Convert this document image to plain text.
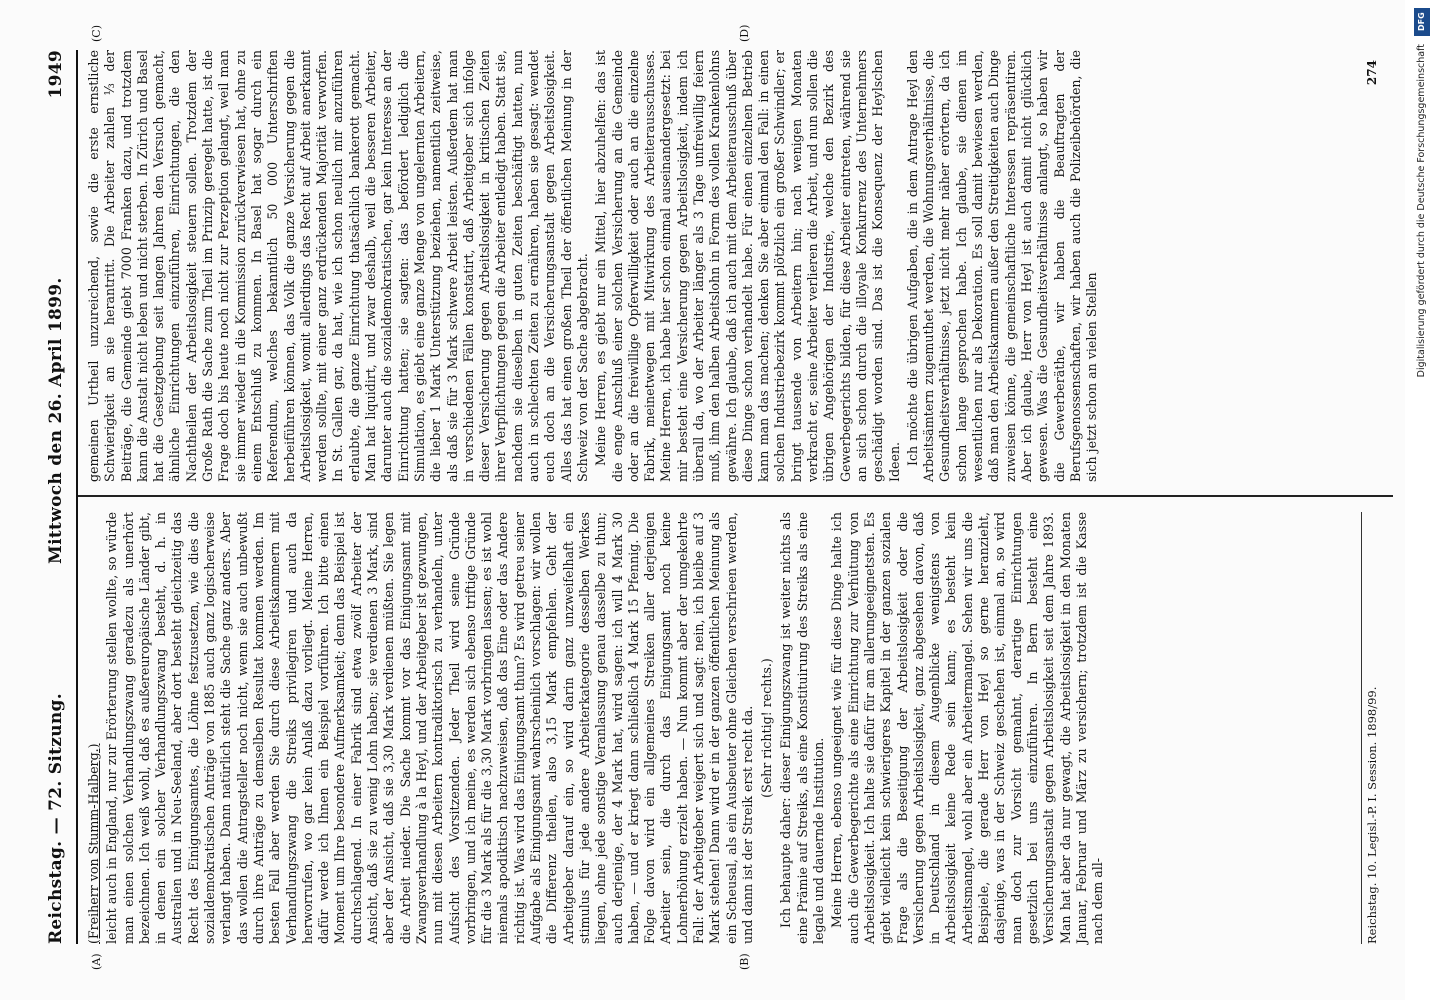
Reichstag. — 72. Sitzung.
Mittwoch den 26. April 1899.
1949
(A)	(B)

(Freiherr von Stumm-Halberg.) leicht auch in England, nur zur Erörterung stellen wollte, so würde man einen solchen Verhandlungszwang geradezu als unerhört bezeichnen. Ich weiß wohl, daß es außereuropäische Länder gibt, in denen ein solcher Verhandlungszwang besteht, d. h. in Australien und in Neu-Seeland, aber dort besteht gleichzeitig das Recht des Einigungsamtes, die Löhne festzusetzen, wie dies die sozialdemokratischen Anträge von 1885 auch ganz logischerweise verlangt haben. Dann natürlich steht die Sache ganz anders. Aber das wollen die Antragsteller noch nicht, wenn sie auch unbewußt durch ihre Anträge zu demselben Resultat kommen werden. Im besten Fall aber werden Sie durch diese Arbeitskammern mit Verhandlungszwang die Streiks privilegiren und auch da herworrufen, wo gar kein Anlaß dazu vorliegt. Meine Herren, dafür werde ich Ihnen ein Beispiel vorführen. Ich bitte einen Moment um Ihre besondere Aufmerksamkeit; denn das Beispiel ist durchschlagend. In einer Fabrik sind etwa zwölf Arbeiter der Ansicht, daß sie zu wenig Lohn haben; sie verdienen 3 Mark, sind aber der Ansicht, daß sie 3,30 Mark verdienen müßten. Sie legen die Arbeit nieder. Die Sache kommt vor das Einigungsamt mit Zwangsverhandlung à la Heyl, und der Arbeitgeber ist gezwungen, nun mit diesen Arbeitern kontradiktorisch zu verhandeln, unter Aufsicht des Vorsitzenden. Jeder Theil wird seine Gründe vorbringen, und ich meine, es werden sich ebenso triftige Gründe für die 3 Mark als für die 3,30 Mark vorbringen lassen; es ist wohl niemals apodiktisch nachzuweisen, daß das Eine oder das Andere richtig ist. Was wird das Einigungsamt thun? Es wird getreu seiner Aufgabe als Einigungsamt wahrscheinlich vorschlagen: wir wollen die Differenz theilen, also 3,15 Mark empfehlen. Geht der Arbeitgeber darauf ein, so wird darin ganz unzweifelhaft ein stimulus für jede andere Arbeiterkategorie desselben Werkes liegen, ohne jede sonstige Veranlassung genau dasselbe zu thun; auch derjenige, der 4 Mark hat, wird sagen: ich will 4 Mark 30 haben, — und er kriegt dann schließlich 4 Mark 15 Pfennig. Die Folge davon wird ein allgemeines Streiken aller derjenigen Arbeiter sein, die durch das Einigungsamt noch keine Lohnerhöhung erzielt haben. — Nun kommt aber der umgekehrte Fall: der Arbeitgeber weigert sich und sagt: nein, ich bleibe auf 3 Mark stehen! Dann wird er in der ganzen öffentlichen Meinung als ein Scheusal, als ein Ausbeuter ohne Gleichen verschrieen werden, und dann ist der Streik erst recht da. (Sehr richtig! rechts.) Ich behaupte daher: dieser Einigungszwang ist weiter nichts als eine Prämie auf Streiks, als eine Konstituirung des Streiks als eine legale und dauernde Institution. Meine Herren, ebenso ungeeignet wie für diese Dinge halte ich auch die Gewerbegerichte als eine Einrichtung zur Verhütung von Arbeitslosigkeit. Ich halte sie dafür für am allerungeeignetsten. Es giebt vielleicht kein schwierigeres Kapitel in der ganzen sozialen Frage als die Beseitigung der Arbeitslosigkeit oder die Versicherung gegen Arbeitslosigkeit, ganz abgesehen davon, daß in Deutschland in diesem Augenblicke wenigstens von Arbeitslosigkeit keine Rede sein kann; es besteht kein Arbeitsmangel, wohl aber ein Arbeitermangel. Sehen wir uns die Beispiele, die gerade Herr von Heyl so gerne heranzieht, dasjenige, was in der Schweiz geschehen ist, einmal an, so wird man doch zur Vorsicht gemahnt, derartige Einrichtungen gesetzlich bei uns einzuführen. In Bern besteht eine Versicherungsanstalt gegen Arbeitslosigkeit seit dem Jahre 1893. Man hat aber da nur gewagt, die Arbeitslosigkeit in den Monaten Januar, Februar und März zu versichern; trotzdem ist die Kasse nach dem all-	Reichstag. 10. Legisl.-P. I. Session. 1898/99.

gemeinen Urtheil unzureichend, sowie die erste ernstliche Schwierigkeit an sie herantritt. Die Arbeiter zahlen ⅓ der Beiträge, die Gemeinde giebt 7000 Franken dazu, und trotzdem kann die Anstalt nicht leben und nicht sterben. In Zürich und Basel hat die Gesetzgebung seit langen Jahren den Versuch gemacht, ähnliche Einrichtungen einzuführen, Einrichtungen, die den Nachtheilen der Arbeitslosigkeit steuern sollen. Trotzdem der Große Rath die Sache zum Theil im Prinzip geregelt hatte, ist die Frage doch bis heute noch nicht zur Perzeption gelangt, weil man sie immer wieder in die Kommission zurückverwiesen hat, ohne zu einem Entschluß zu kommen. In Basel hat sogar durch ein Referendum, welches bekanntlich 50 000 Unterschriften herbeiführen können, das Volk die ganze Versicherung gegen die Arbeitslosigkeit, womit allerdings das Recht auf Arbeit anerkannt werden sollte, mit einer ganz erdrückenden Majorität verworfen. In St. Gallen gar, da hat, wie ich schon neulich mir anzuführen erlaubte, die ganze Einrichtung thatsächlich bankerott gemacht. Man hat liquidirt, und zwar deshalb, weil die besseren Arbeiter, darunter auch die sozialdemokratischen, gar kein Interesse an der Einrichtung hatten; sie sagten: das befördert lediglich die Simulation, es giebt eine ganze Menge von ungelernten Arbeitern, die lieber 1 Mark Unterstützung beziehen, namentlich zeitweise, als daß sie für 3 Mark schwere Arbeit leisten. Außerdem hat man in verschiedenen Fällen konstatirt, daß Arbeitgeber sich infolge dieser Versicherung gegen Arbeitslosigkeit in kritischen Zeiten ihrer Verpflichtungen gegen die Arbeiter entledigt haben. Statt sie, nachdem sie dieselben in guten Zeiten beschäftigt hatten, nun auch in schlechten Zeiten zu ernähren, haben sie gesagt: wendet euch doch an die Versicherungsanstalt gegen Arbeitslosigkeit. Alles das hat einen großen Theil der öffentlichen Meinung in der Schweiz von der Sache abgebracht. Meine Herren, es giebt nur ein Mittel, hier abzuhelfen: das ist die enge Anschluß einer solchen Versicherung an die Gemeinde oder an die freiwillige Opferwilligkeit oder auch an die einzelne Fabrik, meinetwegen mit Mitwirkung des Arbeiterausschusses. Meine Herren, ich habe hier schon einmal auseinandergesetzt: bei mir besteht eine Versicherung gegen Arbeitslosigkeit, indem ich überall da, wo der Arbeiter länger als 3 Tage unfreiwillig feiern muß, ihm den halben Arbeitslohn in Form des vollen Krankenlohns gewähre. Ich glaube, daß ich auch mit dem Arbeiterausschuß über diese Dinge schon verhandelt habe. Für einen einzelnen Betrieb kann man das machen; denken Sie aber einmal den Fall: in einen solchen Industriebezirk kommt plötzlich ein großer Schwindler; er bringt tausende von Arbeitern hin; nach wenigen Monaten verkracht er, seine Arbeiter verlieren die Arbeit, und nun sollen die übrigen Angehörigen der Industrie, welche den Bezirk des Gewerbegerichts bilden, für diese Arbeiter eintreten, während sie an sich schon durch die illoyale Konkurrenz des Unternehmers geschädigt worden sind. Das ist die Konsequenz der Heylschen Ideen. Ich möchte die übrigen Aufgaben, die in dem Antrage Heyl den Arbeitsämtern zugemuthet werden, die Wohnungsverhältnisse, die Gesundheitsverhältnisse, jetzt nicht mehr näher erörtern, da ich schon lange gesprochen habe. Ich glaube, sie dienen im wesentlichen nur als Dekoration. Es soll damit bewiesen werden, daß man den Arbeitskammern außer den Streitigkeiten auch Dinge zuweisen könne, die gemeinschaftliche Interessen repräsentiren. Aber ich glaube, Herr von Heyl ist auch damit nicht glücklich gewesen. Was die Gesundheitsverhältnisse anlangt, so haben wir die Gewerberäthe, wir haben die Beauftragten der Berufsgenossenschaften, wir haben auch die Polizeibehörden, die sich jetzt schon an vielen Stellen

274
(C)	(D)
DFG
Digitalisierung gefördert durch die Deutsche Forschungsgemeinschaft
